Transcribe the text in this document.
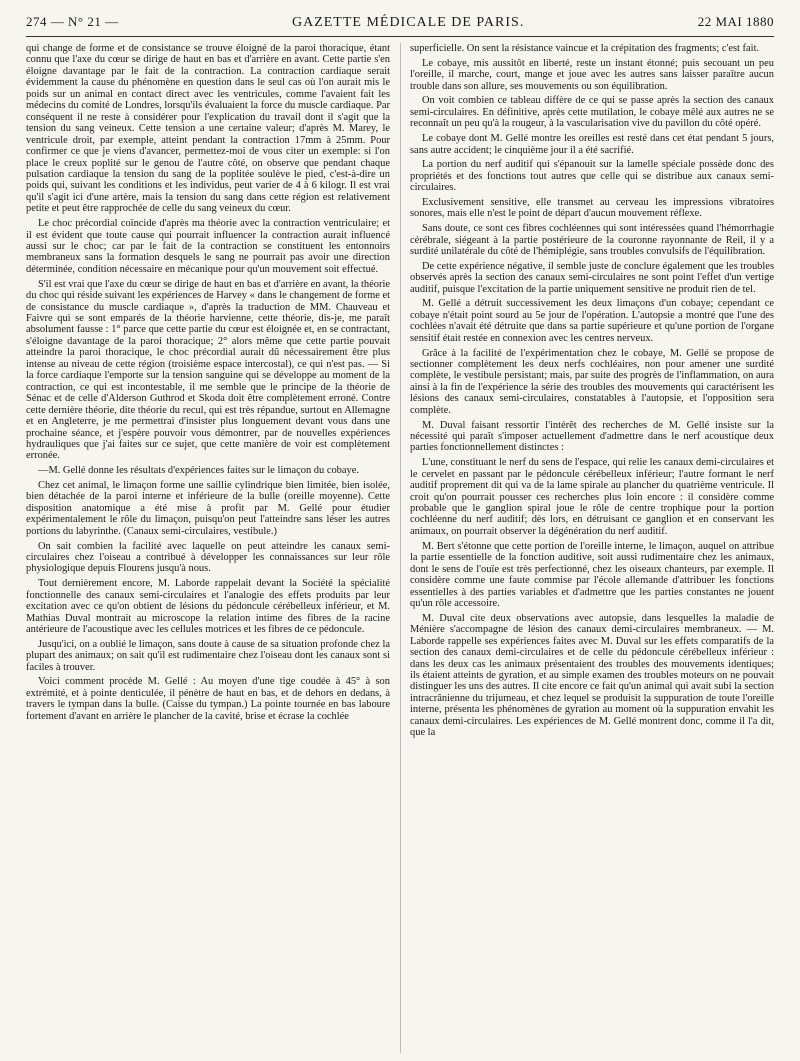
274 — N° 21 —	GAZETTE MÉDICALE DE PARIS.	22 MAI 1880

qui change de forme et de consistance se trouve éloigné de la paroi thoracique, étant connu que l'axe du cœur se dirige de haut en bas et d'arrière en avant. Cette partie s'en éloigne davantage par le fait de la contraction. La contraction cardiaque serait évidemment la cause du phénomène en question dans le seul cas où l'on aurait mis le poids sur un animal en contact direct avec les ventricules, comme l'avaient fait les médecins du comité de Londres, lorsqu'ils évaluaient la force du muscle cardiaque. Par conséquent il ne reste à considérer pour l'explication du travail dont il s'agit que la tension du sang veineux. Cette tension a une certaine valeur; d'après M. Marey, le ventricule droit, par exemple, atteint pendant la contraction 17mm à 25mm. Pour confirmer ce que je viens d'avancer, permettez-moi de vous citer un exemple: si l'on place le creux poplité sur le genou de l'autre côté, on observe que pendant chaque pulsation cardiaque la tension du sang de la poplitée soulève le pied, c'est-à-dire un poids qui, suivant les conditions et les individus, peut varier de 4 à 6 kilogr. Il est vrai qu'il s'agit ici d'une artère, mais la tension du sang dans cette région est relativement petite et peut être rapprochée de celle du sang veineux du cœur.

Le choc précordial coïncide d'après ma théorie avec la contraction ventriculaire; et il est évident que toute cause qui pourrait influencer la contraction aurait influencé aussi sur le choc; car par le fait de la contraction se constituent les entonnoirs membraneux sans la formation desquels le sang ne pourrait pas avoir une direction déterminée, condition nécessaire en mécanique pour qu'un mouvement soit effectué.

S'il est vrai que l'axe du cœur se dirige de haut en bas et d'arrière en avant, la théorie du choc qui réside suivant les expériences de Harvey « dans le changement de forme et de consistance du muscle cardiaque », d'après la traduction de MM. Chauveau et Faivre qui se sont emparés de la théorie harvienne, cette théorie, dis-je, me paraît absolument fausse : 1° parce que cette partie du cœur est éloignée et, en se contractant, s'éloigne davantage de la paroi thoracique; 2° alors même que cette partie pouvait atteindre la paroi thoracique, le choc précordial aurait dû nécessairement être plus intense au niveau de cette région (troisième espace intercostal), ce qui n'est pas. — Si la force cardiaque l'emporte sur la tension sanguine qui se développe au moment de la contraction, ce qui est incontestable, il me semble que le principe de la théorie de Sénac et de celle d'Alderson Guthrod et Skoda doit être complètement erroné. Contre cette dernière théorie, dite théorie du recul, qui est très répandue, surtout en Allemagne et en Angleterre, je me permettrai d'insister plus longuement devant vous dans une prochaine séance, et j'espère pouvoir vous démontrer, par de nouvelles expériences hydrauliques que j'ai faites sur ce sujet, que cette manière de voir est complètement erronée.

—M. Gellé donne les résultats d'expériences faites sur le limaçon du cobaye.

Chez cet animal, le limaçon forme une saillie cylindrique bien limitée, bien isolée, bien détachée de la paroi interne et inférieure de la bulle (oreille moyenne). Cette disposition anatomique a été mise à profit par M. Gellé pour étudier expérimentalement le rôle du limaçon, puisqu'on peut l'atteindre sans léser les autres portions du labyrinthe. (Canaux semi-circulaires, vestibule.)

On sait combien la facilité avec laquelle on peut atteindre les canaux semi-circulaires chez l'oiseau a contribué à développer les connaissances sur leur rôle physiologique depuis Flourens jusqu'à nous.

Tout dernièrement encore, M. Laborde rappelait devant la Société la spécialité fonctionnelle des canaux semi-circulaires et l'analogie des effets produits par leur excitation avec ce qu'on obtient de lésions du pédoncule cérébelleux inférieur, et M. Mathias Duval montrait au microscope la relation intime des fibres de la racine antérieure de l'acoustique avec les cellules motrices et les fibres de ce pédoncule.

Jusqu'ici, on a oublié le limaçon, sans doute à cause de sa situation profonde chez la plupart des animaux; on sait qu'il est rudimentaire chez l'oiseau dont les canaux sont si faciles à trouver.

Voici comment procède M. Gellé : Au moyen d'une tige coudée à 45° à son extrémité, et à pointe denticulée, il pénètre de haut en bas, et de dehors en dedans, à travers le tympan dans la bulle. (Caisse du tympan.) La pointe tournée en bas laboure fortement d'avant en arrière le plancher de la cavité, brise et écrase la cochlée

superficielle. On sent la résistance vaincue et la crépitation des fragments; c'est fait.

Le cobaye, mis aussitôt en liberté, reste un instant étonné; puis secouant un peu l'oreille, il marche, court, mange et joue avec les autres sans laisser paraître aucun trouble dans son allure, ses mouvements ou son équilibration.

On voit combien ce tableau diffère de ce qui se passe après la section des canaux semi-circulaires. En définitive, après cette mutilation, le cobaye mêlé aux autres ne se reconnaît un peu qu'à la rougeur, à la vascularisation vive du pavillon du côté opéré.

Le cobaye dont M. Gellé montre les oreilles est resté dans cet état pendant 5 jours, sans autre accident; le cinquième jour il a été sacrifié.

La portion du nerf auditif qui s'épanouit sur la lamelle spéciale possède donc des propriétés et des fonctions tout autres que celle qui se distribue aux canaux semi-circulaires.

Exclusivement sensitive, elle transmet au cerveau les impressions vibratoires sonores, mais elle n'est le point de départ d'aucun mouvement réflexe.

Sans doute, ce sont ces fibres cochléennes qui sont intéressées quand l'hémorrhagie cérébrale, siégeant à la partie postérieure de la couronne rayonnante de Reil, il y a surdité unilatérale du côté de l'hémiplégie, sans troubles convulsifs de l'équilibration.

De cette expérience négative, il semble juste de conclure également que les troubles observés après la section des canaux semi-circulaires ne sont point l'effet d'un vertige auditif, puisque l'excitation de la partie uniquement sensitive ne produit rien de tel.

M. Gellé a détruit successivement les deux limaçons d'un cobaye; cependant ce cobaye n'était point sourd au 5e jour de l'opération. L'autopsie a montré que l'une des cochlées n'avait été détruite que dans sa partie supérieure et qu'une portion de l'organe sensitif était restée en connexion avec les centres nerveux.

Grâce à la facilité de l'expérimentation chez le cobaye, M. Gellé se propose de sectionner complètement les deux nerfs cochléaires, non pour amener une surdité complète, le vestibule persistant; mais, par suite des progrès de l'inflammation, on aura ainsi à la fin de l'expérience la série des troubles des mouvements qui caractérisent les lésions des canaux semi-circulaires, constatables à l'autopsie, et l'opposition sera complète.

M. Duval faisant ressortir l'intérêt des recherches de M. Gellé insiste sur la nécessité qui paraît s'imposer actuellement d'admettre dans le nerf acoustique deux parties fonctionnellement distinctes :

L'une, constituant le nerf du sens de l'espace, qui relie les canaux demi-circulaires et le cervelet en passant par le pédoncule cérébelleux inférieur; l'autre formant le nerf auditif proprement dit qui va de la lame spirale au plancher du quatrième ventricule. Il croit qu'on pourrait pousser ces recherches plus loin encore : il considère comme probable que le ganglion spiral joue le rôle de centre trophique pour la portion cochléenne du nerf auditif; dès lors, en détruisant ce ganglion et en conservant les animaux, on pourrait observer la dégénération du nerf auditif.

M. Bert s'étonne que cette portion de l'oreille interne, le limaçon, auquel on attribue la partie essentielle de la fonction auditive, soit aussi rudimentaire chez les animaux, dont le sens de l'ouïe est très perfectionné, chez les oiseaux chanteurs, par exemple. Il considère comme une faute commise par l'école allemande d'attribuer les fonctions essentielles à des parties variables et d'admettre que les parties constantes ne jouent qu'un rôle accessoire.

M. Duval cite deux observations avec autopsie, dans lesquelles la maladie de Ménière s'accompagne de lésion des canaux demi-circulaires membraneux. — M. Laborde rappelle ses expériences faites avec M. Duval sur les effets comparatifs de la section des canaux demi-circulaires et de celle du pédoncule cérébelleux inférieur : dans les deux cas les animaux présentaient des troubles des mouvements identiques; ils étaient atteints de gyration, et au simple examen des troubles moteurs on ne pouvait distinguer les uns des autres. Il cite encore ce fait qu'un animal qui avait subi la section intracrânienne du trijumeau, et chez lequel se produisit la suppuration de toute l'oreille interne, présenta les phénomènes de gyration au moment où la suppuration envahit les canaux demi-circulaires. Les expériences de M. Gellé montrent donc, comme il l'a dit, que la
